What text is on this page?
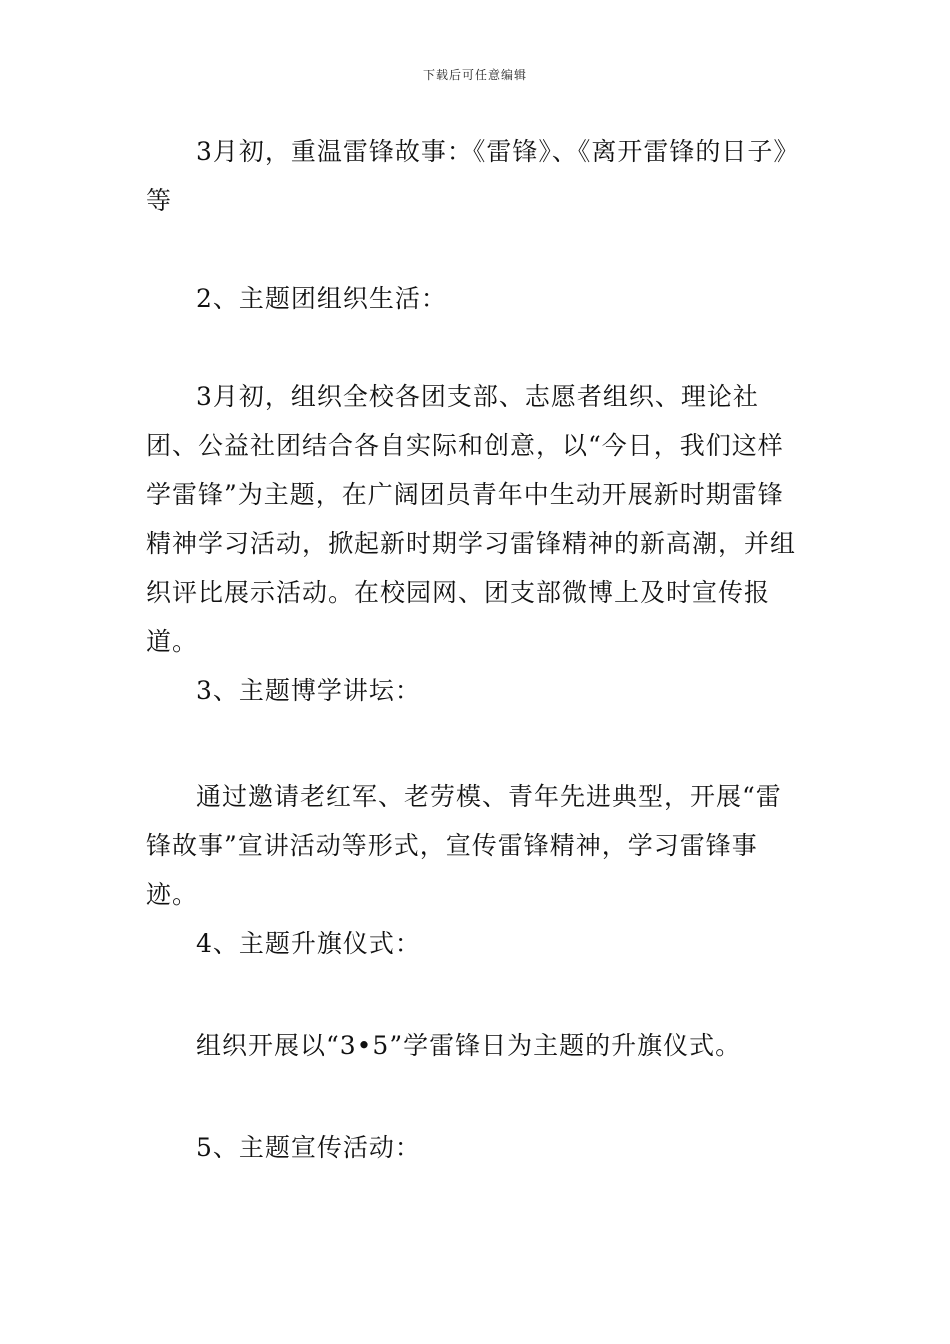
下载后可任意编辑

3月初，重温雷锋故事：《雷锋》、《离开雷锋的日子》等

2、主题团组织生活：

3月初，组织全校各团支部、志愿者组织、理论社团、公益社团结合各自实际和创意，以“今日，我们这样学雷锋”为主题，在广阔团员青年中生动开展新时期雷锋精神学习活动，掀起新时期学习雷锋精神的新高潮，并组织评比展示活动。在校园网、团支部微博上及时宣传报道。

3、主题博学讲坛：

通过邀请老红军、老劳模、青年先进典型，开展“雷锋故事”宣讲活动等形式，宣传雷锋精神，学习雷锋事迹。

4、主题升旗仪式：

组织开展以“3•5”学雷锋日为主题的升旗仪式。

5、主题宣传活动：
